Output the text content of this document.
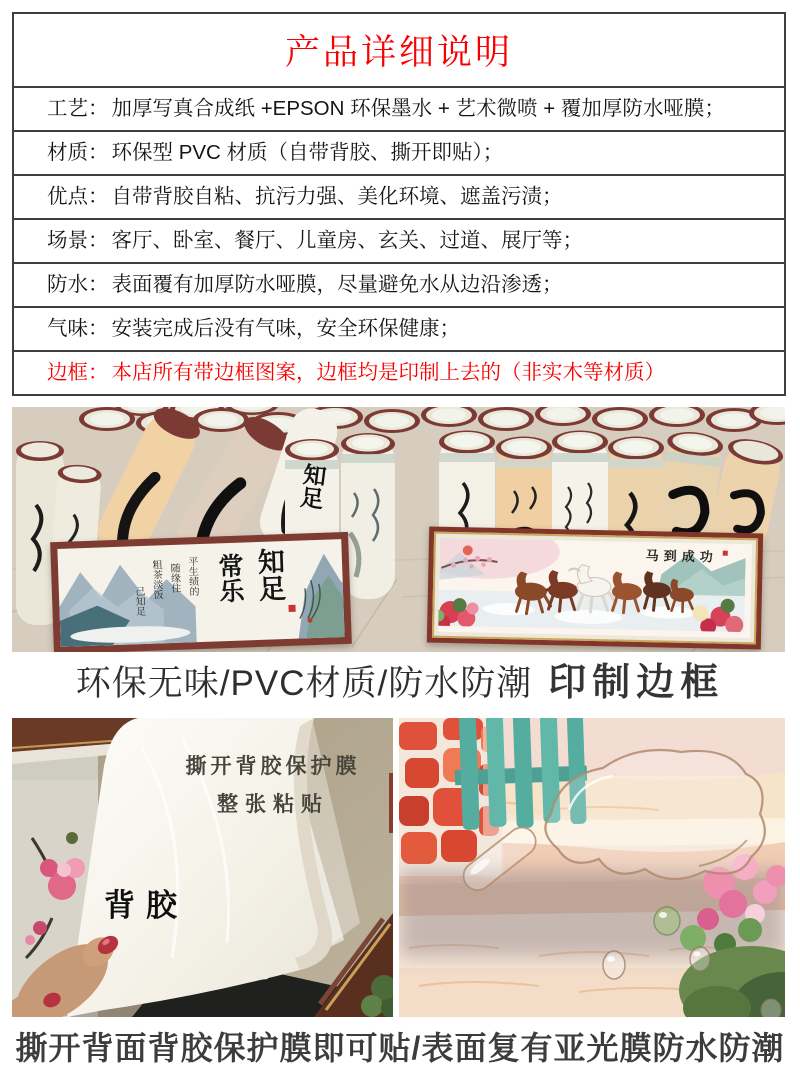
产品详细说明
工艺： 加厚写真合成纸 +EPSON 环保墨水 + 艺术微喷 + 覆加厚防水哑膜；
材质： 环保型 PVC 材质（自带背胶、撕开即贴）；
优点： 自带背胶自粘、抗污力强、美化环境、遮盖污渍；
场景： 客厅、卧室、餐厅、儿童房、玄关、过道、展厅等；
防水： 表面覆有加厚防水哑膜，尽量避免水从边沿渗透；
气味： 安装完成后没有气味，安全环保健康；
边框： 本店所有带边框图案，边框均是印制上去的（非实木等材质）
知足
知足
常乐
平生绩的
随缘住
粗茶淡饭
己知足
马到成功
环保无味/PVC材质/防水防潮 印制边框
撕开背胶保护膜
整张粘贴
背胶
撕开背面背胶保护膜即可贴/表面复有亚光膜防水防潮
